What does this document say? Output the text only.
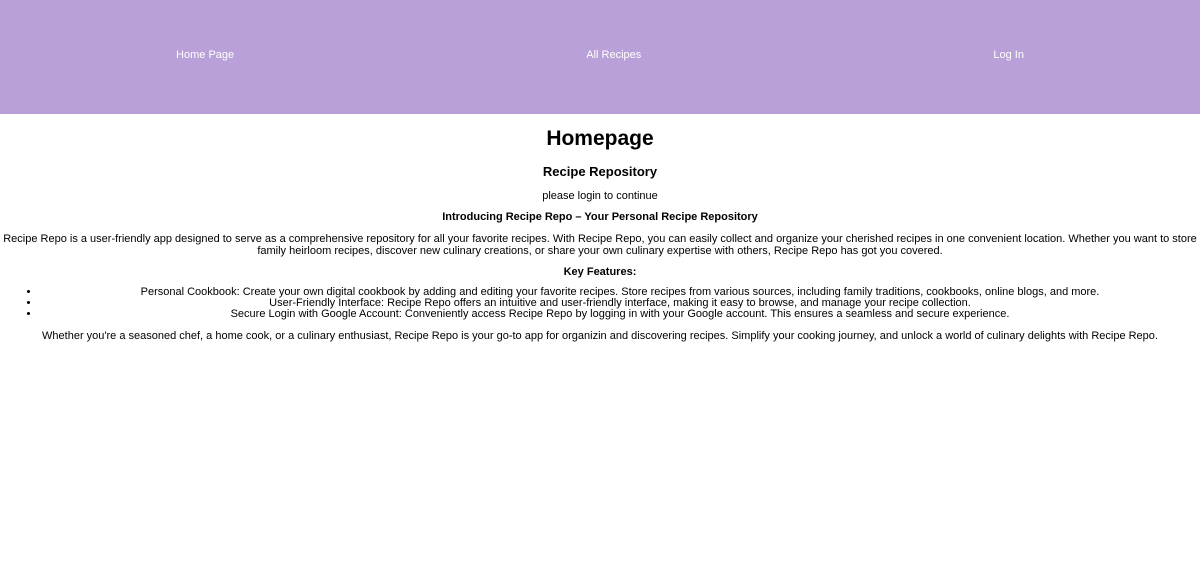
Home Page	All Recipes	Log In
Homepage
Recipe Repository

please login to continue

Introducing Recipe Repo – Your Personal Recipe Repository

Recipe Repo is a user-friendly app designed to serve as a comprehensive repository for all your favorite recipes. With Recipe Repo, you can easily collect and organize your cherished recipes in one convenient location. Whether you want to store family heirloom recipes, discover new culinary creations, or share your own culinary expertise with others, Recipe Repo has got you covered.

Key Features:

• Personal Cookbook: Create your own digital cookbook by adding and editing your favorite recipes. Store recipes from various sources, including family traditions, cookbooks, online blogs, and more.
• User-Friendly Interface: Recipe Repo offers an intuitive and user-friendly interface, making it easy to browse, and manage your recipe collection.
• Secure Login with Google Account: Conveniently access Recipe Repo by logging in with your Google account. This ensures a seamless and secure experience.

Whether you're a seasoned chef, a home cook, or a culinary enthusiast, Recipe Repo is your go-to app for organizin and discovering recipes. Simplify your cooking journey, and unlock a world of culinary delights with Recipe Repo.
